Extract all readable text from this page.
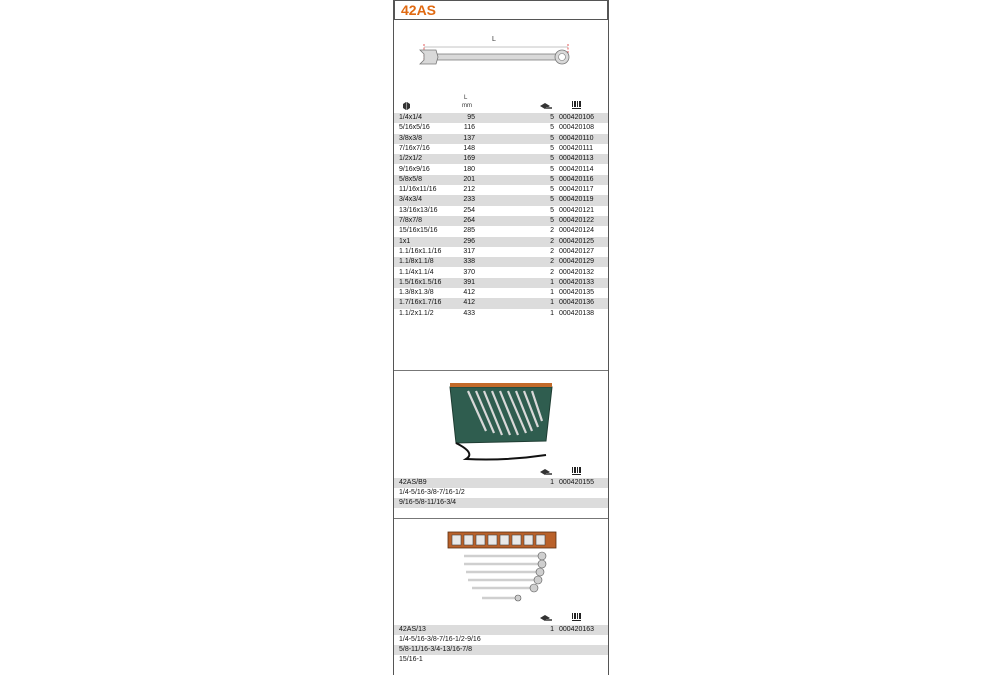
42AS
L
L
mm
1/4x1/4	95	5 000420106
5/16x5/16	116	5 000420108
3/8x3/8	137	5 000420110
7/16x7/16	148	5 000420111
1/2x1/2	169	5 000420113
9/16x9/16	180	5 000420114
5/8x5/8	201	5 000420116
11/16x11/16	212	5 000420117
3/4x3/4	233	5 000420119
13/16x13/16	254	5 000420121
7/8x7/8	264	5 000420122
15/16x15/16	285	2 000420124
1x1	296	2 000420125
1.1/16x1.1/16	317	2 000420127
1.1/8x1.1/8	338	2 000420129
1.1/4x1.1/4	370	2 000420132
1.5/16x1.5/16	391	1 000420133
1.3/8x1.3/8	412	1 000420135
1.7/16x1.7/16	412	1 000420136
1.1/2x1.1/2	433	1 000420138
42AS/B9	1 000420155
1/4-5/16-3/8-7/16-1/2
9/16-5/8-11/16-3/4
42AS/13	1 000420163
1/4-5/16-3/8-7/16-1/2-9/16
5/8-11/16-3/4-13/16-7/8
15/16-1
